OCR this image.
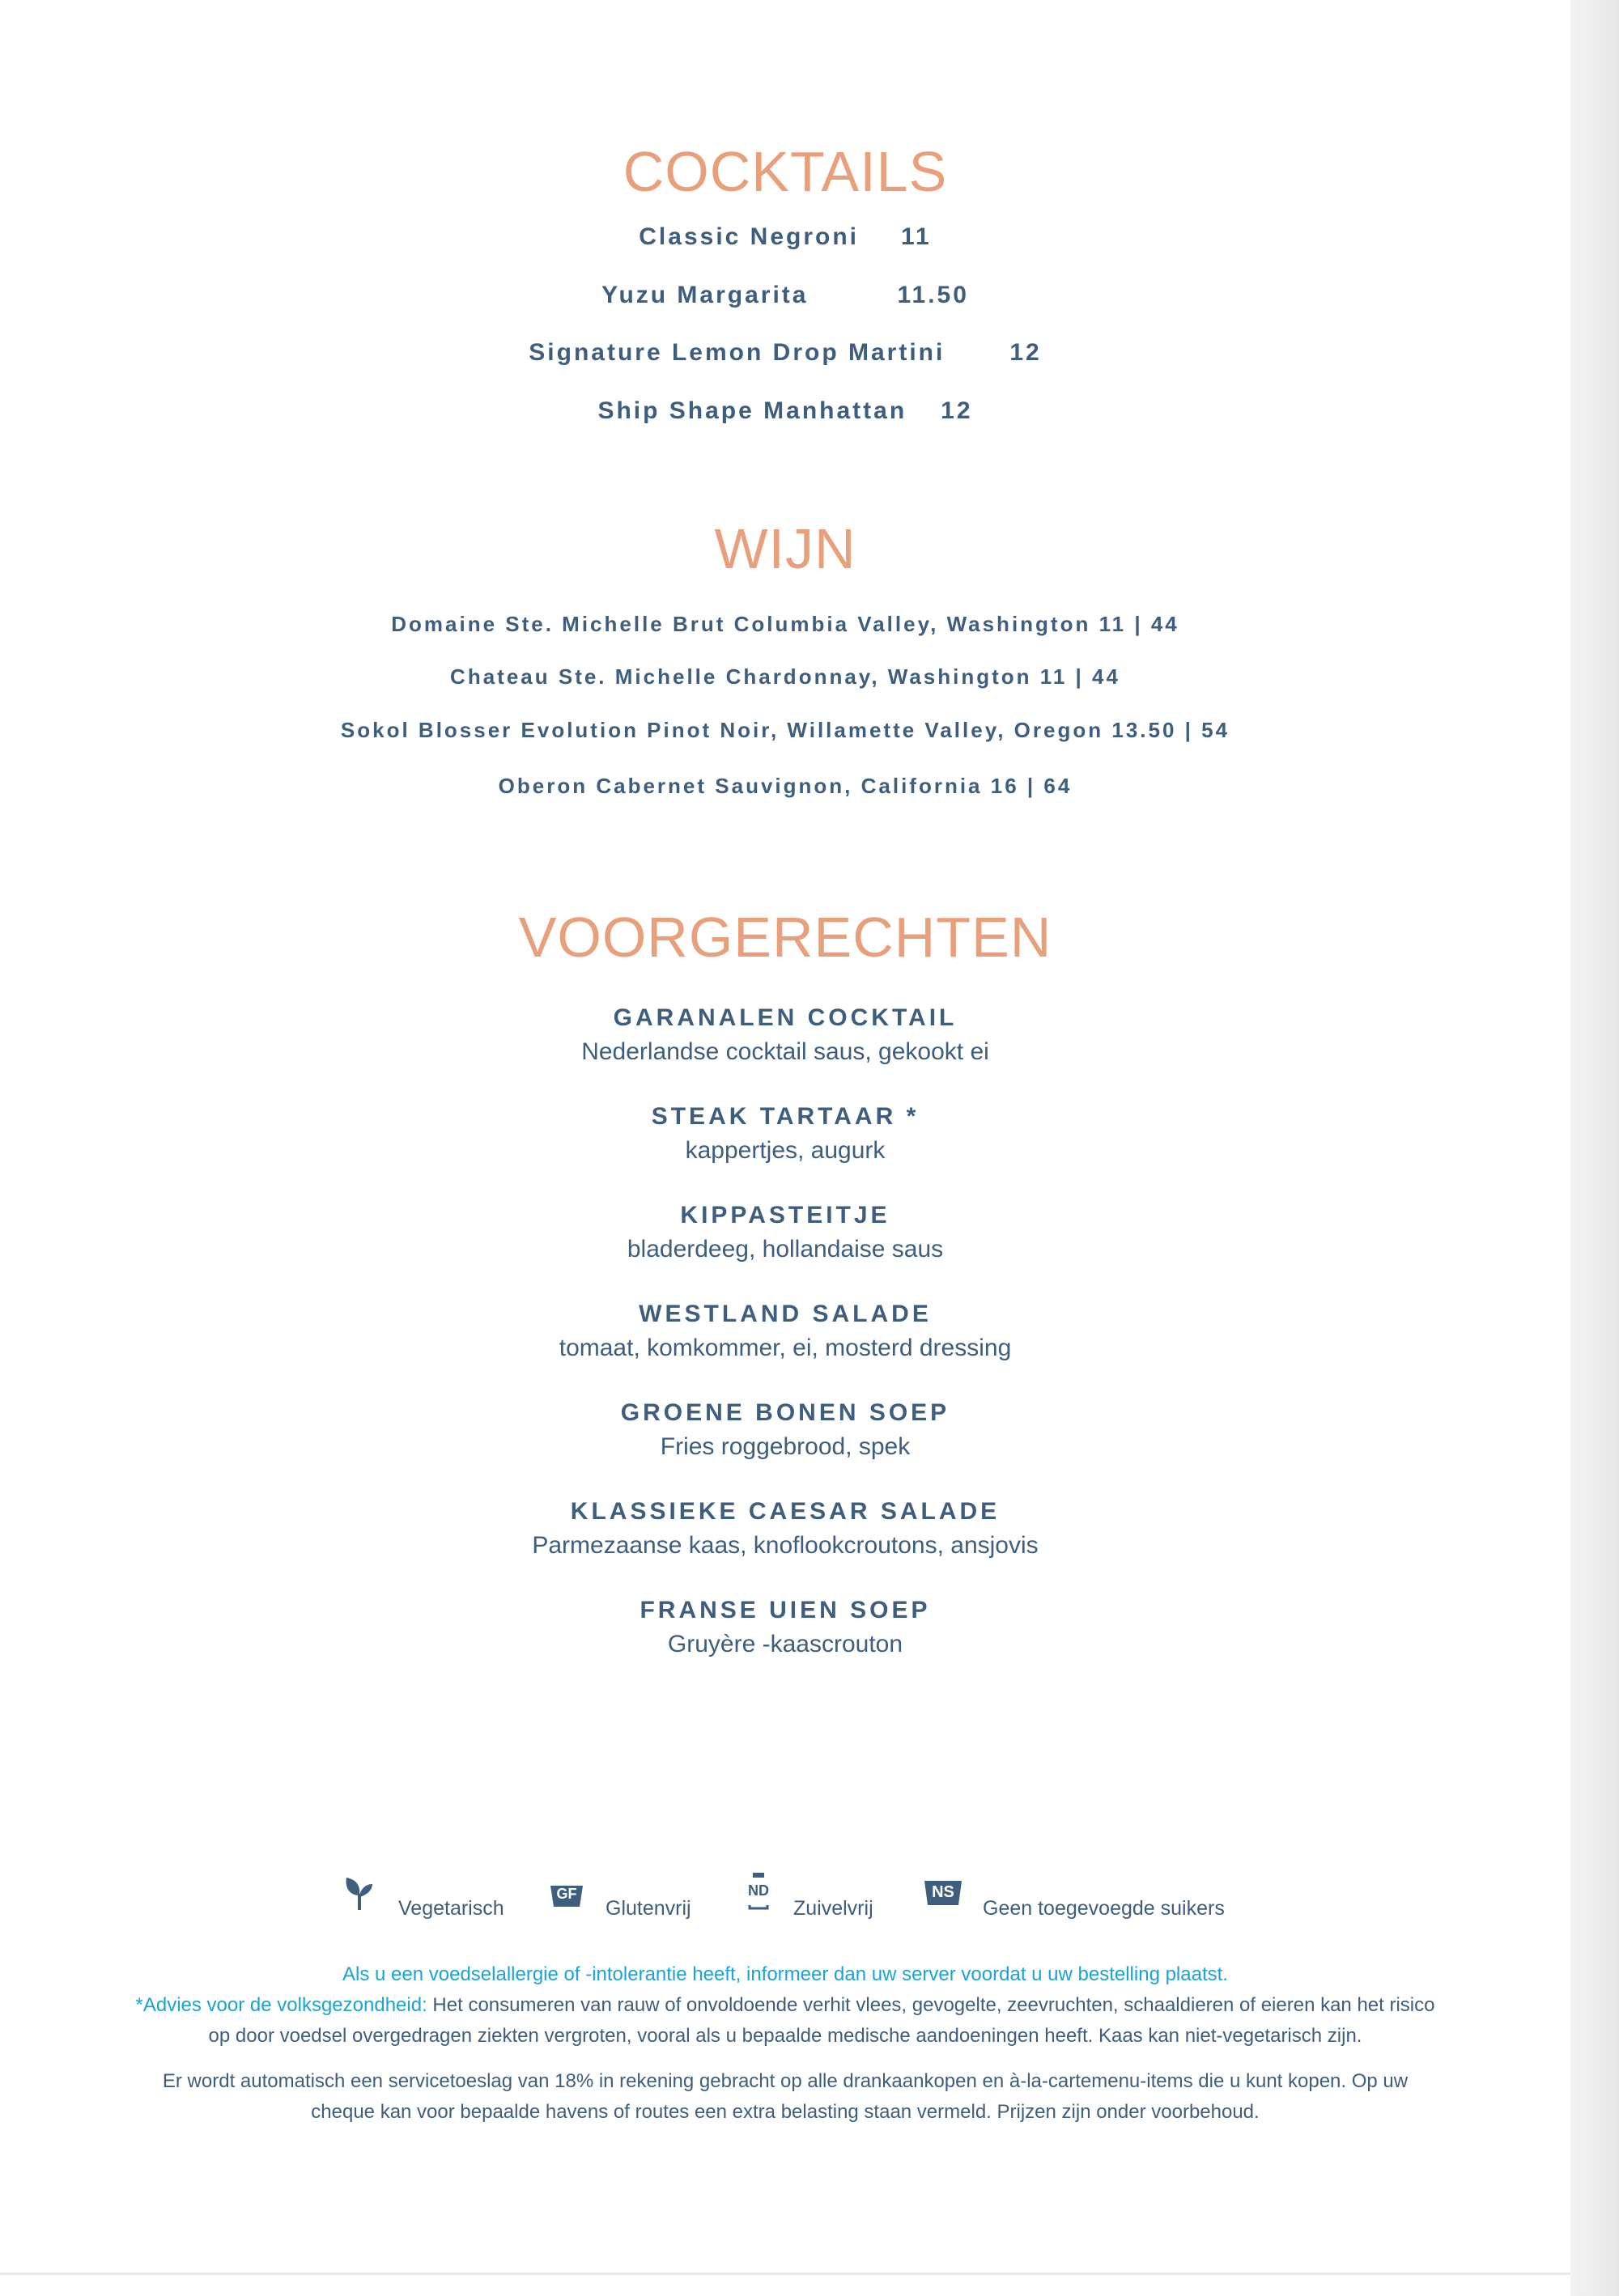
COCKTAILS
Classic Negroni 11
Yuzu Margarita	11.50
Signature Lemon Drop Martini	12
Ship Shape Manhattan 12
WIJN
Domaine Ste. Michelle Brut Columbia Valley, Washington 11 | 44
Chateau Ste. Michelle Chardonnay, Washington 11 | 44
Sokol Blosser Evolution Pinot Noir, Willamette Valley, Oregon 13.50 | 54
Oberon Cabernet Sauvignon, California 16 | 64
VOORGERECHTEN
GARANALEN COCKTAIL
Nederlandse cocktail saus, gekookt ei
STEAK TARTAAR *
kappertjes, augurk
KIPPASTEITJE
bladerdeeg, hollandaise saus
WESTLAND SALADE
tomaat, komkommer, ei, mosterd dressing
GROENE BONEN SOEP
Fries roggebrood, spek
KLASSIEKE CAESAR SALADE
Parmezaanse kaas, knoflookcroutons, ansjovis
FRANSE UIEN SOEP
Gruyère -kaascrouton
Vegetarisch
GF
Glutenvrij
ND
Zuivelvrij
NS
Geen toegevoegde suikers
Als u een voedselallergie of -intolerantie heeft, informeer dan uw server voordat u uw bestelling plaatst.
*Advies voor de volksgezondheid: Het consumeren van rauw of onvoldoende verhit vlees, gevogelte, zeevruchten, schaaldieren of eieren kan het risico
op door voedsel overgedragen ziekten vergroten, vooral als u bepaalde medische aandoeningen heeft. Kaas kan niet-vegetarisch zijn.
Er wordt automatisch een servicetoeslag van 18% in rekening gebracht op alle drankaankopen en à-la-cartemenu-items die u kunt kopen. Op uw
cheque kan voor bepaalde havens of routes een extra belasting staan vermeld. Prijzen zijn onder voorbehoud.
